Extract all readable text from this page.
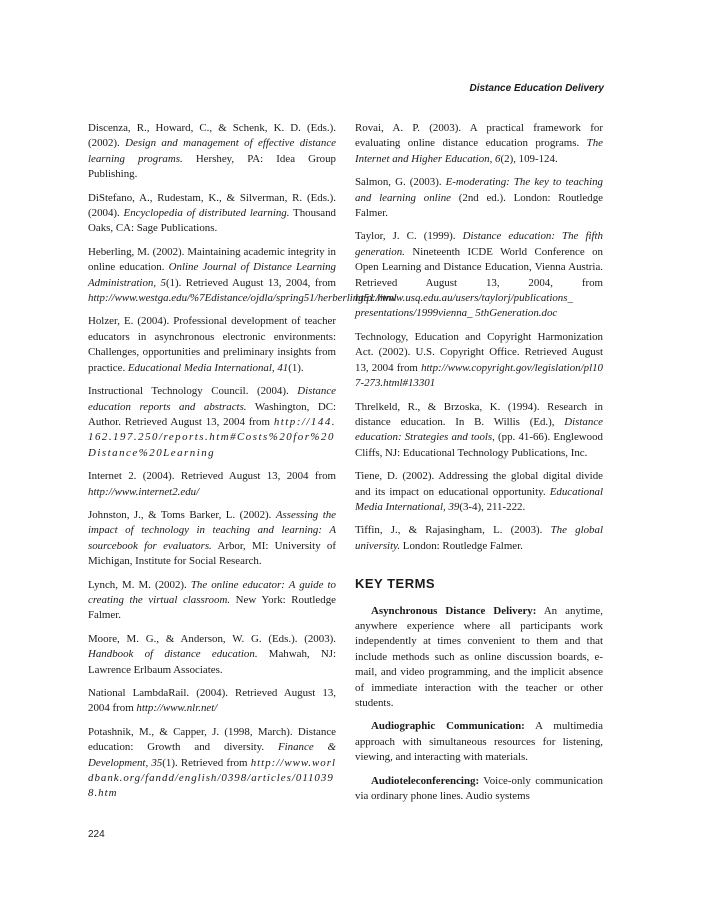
Distance Education Delivery

Discenza, R., Howard, C., & Schenk, K. D. (Eds.). (2002). Design and management of effective distance learning programs. Hershey, PA: Idea Group Publishing.

DiStefano, A., Rudestam, K., & Silverman, R. (Eds.). (2004). Encyclopedia of distributed learning. Thousand Oaks, CA: Sage Publications.

Heberling, M. (2002). Maintaining academic integrity in online education. Online Journal of Distance Learning Administration, 5(1). Retrieved August 13, 2004, from http://www.westga.edu/%7Edistance/ojdla/spring51/herberling51.html

Holzer, E. (2004). Professional development of teacher educators in asynchronous electronic environments: Challenges, opportunities and preliminary insights from practice. Educational Media International, 41(1).

Instructional Technology Council. (2004). Distance education reports and abstracts. Washington, DC: Author. Retrieved August 13, 2004 from http://144.162.197.250/reports.htm#Costs%20for%20Distance%20Learning

Internet 2. (2004). Retrieved August 13, 2004 from http://www.internet2.edu/

Johnston, J., & Toms Barker, L. (2002). Assessing the impact of technology in teaching and learning: A sourcebook for evaluators. Arbor, MI: University of Michigan, Institute for Social Research.

Lynch, M. M. (2002). The online educator: A guide to creating the virtual classroom. New York: Routledge Falmer.

Moore, M. G., & Anderson, W. G. (Eds.). (2003). Handbook of distance education. Mahwah, NJ: Lawrence Erlbaum Associates.

National LambdaRail. (2004). Retrieved August 13, 2004 from http://www.nlr.net/

Potashnik, M., & Capper, J. (1998, March). Distance education: Growth and diversity. Finance & Development, 35(1). Retrieved from http://www.worldbank.org/fandd/english/0398/articles/0110398.htm

Rovai, A. P. (2003). A practical framework for evaluating online distance education programs. The Internet and Higher Education, 6(2), 109-124.

Salmon, G. (2003). E-moderating: The key to teaching and learning online (2nd ed.). London: Routledge Falmer.

Taylor, J. C. (1999). Distance education: The fifth generation. Nineteenth ICDE World Conference on Open Learning and Distance Education, Vienna Austria. Retrieved August 13, 2004, from http://www.usq.edu.au/users/taylorj/publications_ presentations/1999vienna_ 5thGeneration.doc

Technology, Education and Copyright Harmonization Act. (2002). U.S. Copyright Office. Retrieved August 13, 2004 from http://www.copyright.gov/legislation/pl107-273.html#13301

Threlkeld, R., & Brzoska, K. (1994). Research in distance education. In B. Willis (Ed.), Distance education: Strategies and tools, (pp. 41-66). Englewood Cliffs, NJ: Educational Technology Publications, Inc.

Tiene, D. (2002). Addressing the global digital divide and its impact on educational opportunity. Educational Media International, 39(3-4), 211-222.

Tiffin, J., & Rajasingham, L. (2003). The global university. London: Routledge Falmer.

KEY TERMS

Asynchronous Distance Delivery: An anytime, anywhere experience where all participants work independently at times convenient to them and that include methods such as online discussion boards, e-mail, and video programming, and the implicit absence of immediate interaction with the teacher or other students.

Audiographic Communication: A multimedia approach with simultaneous resources for listening, viewing, and interacting with materials.

Audioteleconferencing: Voice-only communication via ordinary phone lines. Audio systems

224
